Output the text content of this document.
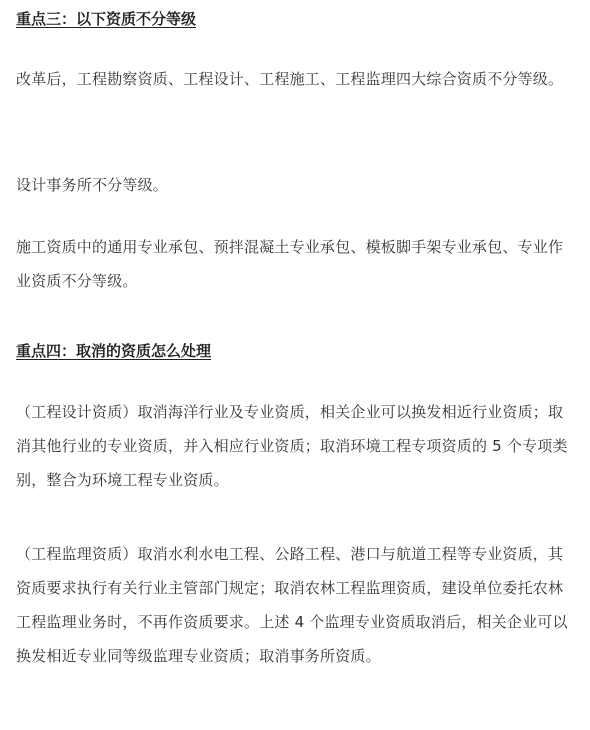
重点三：以下资质不分等级

改革后，工程勘察资质、工程设计、工程施工、工程监理四大综合资质不分等级。

设计事务所不分等级。

施工资质中的通用专业承包、预拌混凝土专业承包、模板脚手架专业承包、专业作业资质不分等级。

重点四：取消的资质怎么处理

（工程设计资质）取消海洋行业及专业资质，相关企业可以换发相近行业资质；取消其他行业的专业资质，并入相应行业资质；取消环境工程专项资质的 5 个专项类别，整合为环境工程专业资质。

（工程监理资质）取消水利水电工程、公路工程、港口与航道工程等专业资质，其资质要求执行有关行业主管部门规定；取消农林工程监理资质，建设单位委托农林工程监理业务时，不再作资质要求。上述 4 个监理专业资质取消后，相关企业可以换发相近专业同等级监理专业资质；取消事务所资质。
